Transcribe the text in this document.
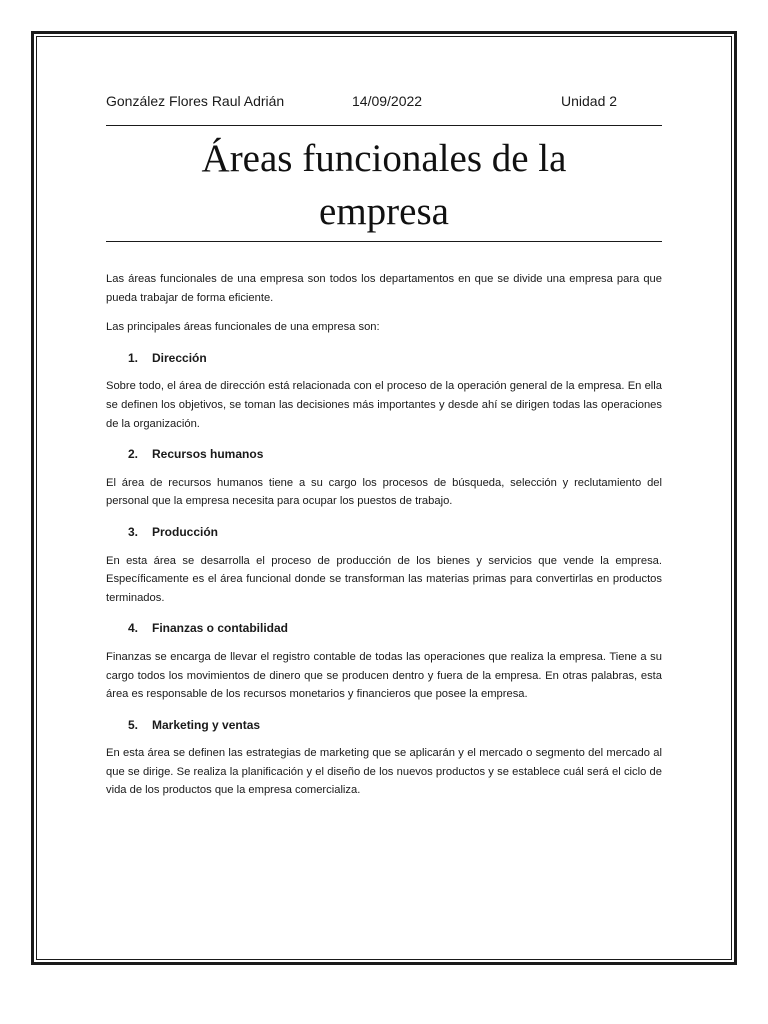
González Flores Raul Adrián	14/09/2022	Unidad 2
Áreas funcionales de la
empresa

Las áreas funcionales de una empresa son todos los departamentos en que se divide una empresa para que pueda trabajar de forma eficiente.

Las principales áreas funcionales de una empresa son:

1. Dirección

Sobre todo, el área de dirección está relacionada con el proceso de la operación general de la empresa. En ella se definen los objetivos, se toman las decisiones más importantes y desde ahí se dirigen todas las operaciones de la organización.

2. Recursos humanos

El área de recursos humanos tiene a su cargo los procesos de búsqueda, selección y reclutamiento del personal que la empresa necesita para ocupar los puestos de trabajo.

3. Producción

En esta área se desarrolla el proceso de producción de los bienes y servicios que vende la empresa. Específicamente es el área funcional donde se transforman las materias primas para convertirlas en productos terminados.

4. Finanzas o contabilidad

Finanzas se encarga de llevar el registro contable de todas las operaciones que realiza la empresa. Tiene a su cargo todos los movimientos de dinero que se producen dentro y fuera de la empresa. En otras palabras, esta área es responsable de los recursos monetarios y financieros que posee la empresa.

5. Marketing y ventas

En esta área se definen las estrategias de marketing que se aplicarán y el mercado o segmento del mercado al que se dirige. Se realiza la planificación y el diseño de los nuevos productos y se establece cuál será el ciclo de vida de los productos que la empresa comercializa.
